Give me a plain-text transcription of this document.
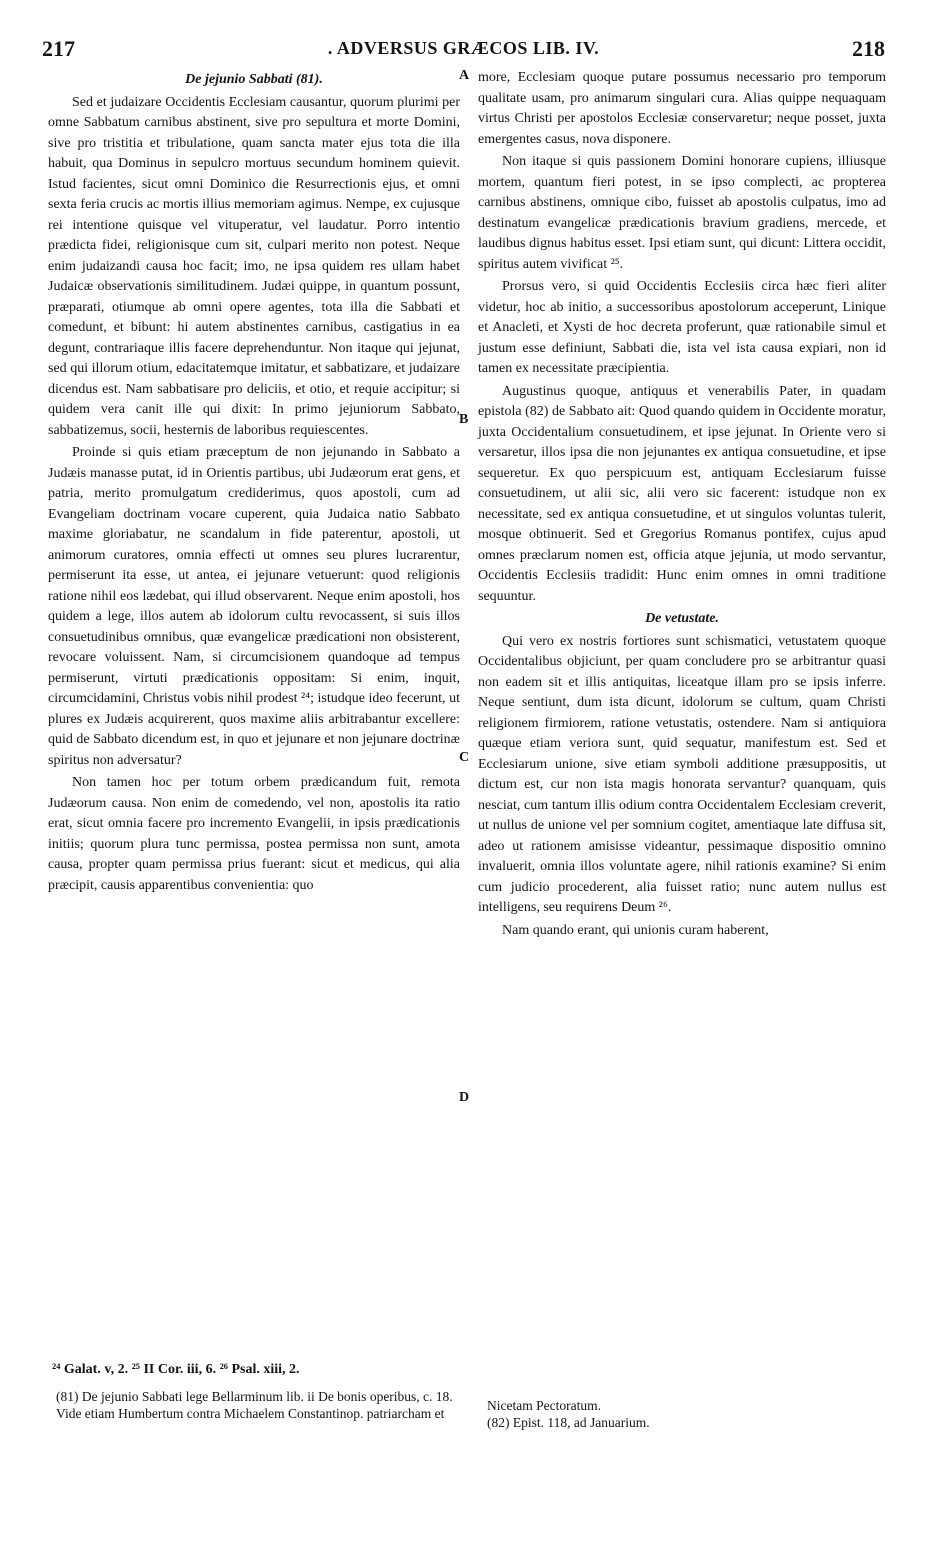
217	. ADVERSUS GRÆCOS LIB. IV.	218
A
B
C
D

De jejunio Sabbati (81).

Sed et judaizare Occidentis Ecclesiam causantur, quorum plurimi per omne Sabbatum carnibus abstinent, sive pro sepultura et morte Domini, sive pro tristitia et tribulatione, quam sancta mater ejus tota die illa habuit, qua Dominus in sepulcro mortuus secundum hominem quievit. Istud facientes, sicut omni Dominico die Resurrectionis ejus, et omni sexta feria crucis ac mortis illius memoriam agimus. Nempe, ex cujusque rei intentione quisque vel vituperatur, vel laudatur. Porro intentio prædicta fidei, religionisque cum sit, culpari merito non potest. Neque enim judaizandi causa hoc facit; imo, ne ipsa quidem res ullam habet Judaicæ observationis similitudinem. Judæi quippe, in quantum possunt, præparati, otiumque ab omni opere agentes, tota illa die Sabbati et comedunt, et bibunt: hi autem abstinentes carnibus, castigatius in ea degunt, contrariaque illis facere deprehenduntur. Non itaque qui jejunat, sed qui illorum otium, edacitatemque imitatur, et sabbatizare, et judaizare dicendus est. Nam sabbatisare pro deliciis, et otio, et requie accipitur; si quidem vera canit ille qui dixit: In primo jejuniorum Sabbato, sabbatizemus, socii, hesternis de laboribus requiescentes.

Proinde si quis etiam præceptum de non jejunando in Sabbato a Judæis manasse putat, id in Orientis partibus, ubi Judæorum erat gens, et patria, merito promulgatum crediderimus, quos apostoli, cum ad Evangeliam doctrinam vocare cuperent, quia Judaica natio Sabbato maxime gloriabatur, ne scandalum in fide paterentur, apostoli, ut animorum curatores, omnia effecti ut omnes seu plures lucrarentur, permiserunt ita esse, ut antea, ei jejunare vetuerunt: quod religionis ratione nihil eos lædebat, qui illud observarent. Neque enim apostoli, hos quidem a lege, illos autem ab idolorum cultu revocassent, si suis illos consuetudinibus omnibus, quæ evangelicæ prædicationi non obsisterent, revocare voluissent. Nam, si circumcisionem quandoque ad tempus permiserunt, virtuti prædicationis oppositam: Si enim, inquit, circumcidamini, Christus vobis nihil prodest ²⁴; istudque ideo fecerunt, ut plures ex Judæis acquirerent, quos maxime aliis arbitrabantur excellere: quid de Sabbato dicendum est, in quo et jejunare et non jejunare doctrinæ spiritus non adversatur?

Non tamen hoc per totum orbem prædicandum fuit, remota Judæorum causa. Non enim de comedendo, vel non, apostolis ita ratio erat, sicut omnia facere pro incremento Evangelii, in ipsis prædicationis initiis; quorum plura tunc permissa, postea permissa non sunt, amota causa, propter quam permissa prius fuerant: sicut et medicus, qui alia præcipit, causis apparentibus convenientia: quo

more, Ecclesiam quoque putare possumus necessario pro temporum qualitate usam, pro animarum singulari cura. Alias quippe nequaquam virtus Christi per apostolos Ecclesiæ conservaretur; neque posset, juxta emergentes casus, nova disponere.

Non itaque si quis passionem Domini honorare cupiens, illiusque mortem, quantum fieri potest, in se ipso complecti, ac propterea carnibus abstinens, omnique cibo, fuisset ab apostolis culpatus, imo ad destinatum evangelicæ prædicationis bravium gradiens, mercede, et laudibus dignus habitus esset. Ipsi etiam sunt, qui dicunt: Littera occidit, spiritus autem vivificat ²⁵.

Prorsus vero, si quid Occidentis Ecclesiis circa hæc fieri aliter videtur, hoc ab initio, a successoribus apostolorum acceperunt, Linique et Anacleti, et Xysti de hoc decreta proferunt, quæ rationabile simul et justum esse definiunt, Sabbati die, ista vel ista causa expiari, non id tamen ex necessitate præcipientia.

Augustinus quoque, antiquus et venerabilis Pater, in quadam epistola (82) de Sabbato ait: Quod quando quidem in Occidente moratur, juxta Occidentalium consuetudinem, et ipse jejunat. In Oriente vero si versaretur, illos ipsa die non jejunantes ex antiqua consuetudine, et ipse sequeretur. Ex quo perspicuum est, antiquam Ecclesiarum fuisse consuetudinem, ut alii sic, alii vero sic facerent: istudque non ex necessitate, sed ex antiqua consuetudine, et ut singulos voluntas tulerit, mosque obtinuerit. Sed et Gregorius Romanus pontifex, cujus apud omnes præclarum nomen est, officia atque jejunia, ut modo servantur, Occidentis Ecclesiis tradidit: Hunc enim omnes in omni traditione sequuntur.

De vetustate.

Qui vero ex nostris fortiores sunt schismatici, vetustatem quoque Occidentalibus objiciunt, per quam concludere pro se arbitrantur quasi non eadem sit et illis antiquitas, liceatque illam pro se ipsis inferre. Neque sentiunt, dum ista dicunt, idolorum se cultum, quam Christi religionem firmiorem, ratione vetustatis, ostendere. Nam si antiquiora quæque etiam veriora sunt, quid sequatur, manifestum est. Sed et Ecclesiarum unione, sive etiam symboli additione præsuppositis, ut dictum est, cur non ista magis honorata servantur? quanquam, quis nesciat, cum tantum illis odium contra Occidentalem Ecclesiam creverit, ut nullus de unione vel per somnium cogitet, amentiaque late diffusa sit, adeo ut rationem amisisse videantur, pessimaque dispositio omnino invaluerit, omnia illos voluntate agere, nihil rationis examine? Si enim cum judicio procederent, alia fuisset ratio; nunc autem nullus est intelligens, seu requirens Deum ²⁶.

Nam quando erant, qui unionis curam haberent,

²⁴ Galat. v, 2. ²⁵ II Cor. iii, 6. ²⁶ Psal. xiii, 2.

(81) De jejunio Sabbati lege Bellarminum lib. ii De bonis operibus, c. 18. Vide etiam Humbertum contra Michaelem Constantinop. patriarcham et

Nicetam Pectoratum.

(82) Epist. 118, ad Januarium.
